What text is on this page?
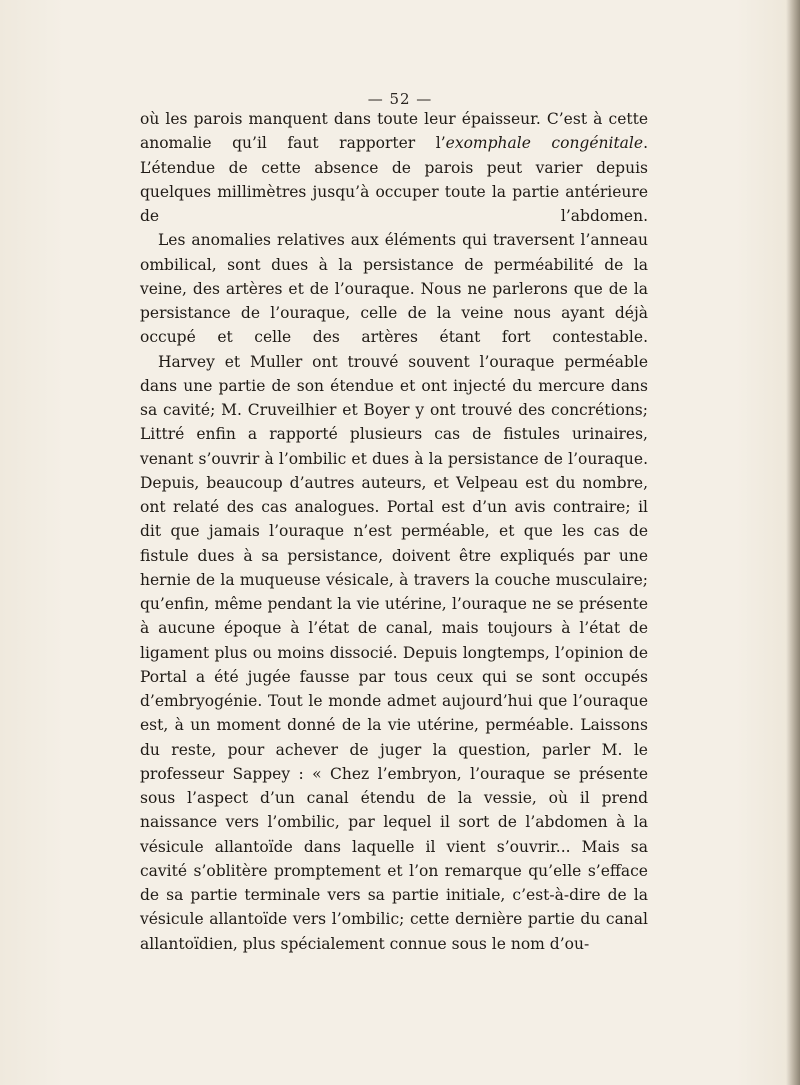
— 52 —

où les parois manquent dans toute leur épaisseur. C’est à cette anomalie qu’il faut rapporter l’exomphale congénitale. L’étendue de cette absence de parois peut varier depuis quelques millimètres jusqu’à occuper toute la partie antérieure de l’abdomen.

Les anomalies relatives aux éléments qui traversent l’anneau ombilical, sont dues à la persistance de perméabilité de la veine, des artères et de l’ouraque. Nous ne parlerons que de la persistance de l’ouraque, celle de la veine nous ayant déjà occupé et celle des artères étant fort contestable.

Harvey et Muller ont trouvé souvent l’ouraque perméable dans une partie de son étendue et ont injecté du mercure dans sa cavité; M. Cruveilhier et Boyer y ont trouvé des concrétions; Littré enfin a rapporté plusieurs cas de fistules urinaires, venant s’ouvrir à l’ombilic et dues à la persistance de l’ouraque. Depuis, beaucoup d’autres auteurs, et Velpeau est du nombre, ont relaté des cas analogues. Portal est d’un avis contraire; il dit que jamais l’ouraque n’est perméable, et que les cas de fistule dues à sa persistance, doivent être expliqués par une hernie de la muqueuse vésicale, à travers la couche musculaire; qu’enfin, même pendant la vie utérine, l’ouraque ne se présente à aucune époque à l’état de canal, mais toujours à l’état de ligament plus ou moins dissocié. Depuis longtemps, l’opinion de Portal a été jugée fausse par tous ceux qui se sont occupés d’embryogénie. Tout le monde admet aujourd’hui que l’ouraque est, à un moment donné de la vie utérine, perméable. Laissons du reste, pour achever de juger la question, parler M. le professeur Sappey : « Chez l’embryon, l’ouraque se présente sous l’aspect d’un canal étendu de la vessie, où il prend naissance vers l’ombilic, par lequel il sort de l’abdomen à la vésicule allantoïde dans laquelle il vient s’ouvrir... Mais sa cavité s’oblitère promptement et l’on remarque qu’elle s’efface de sa partie terminale vers sa partie initiale, c’est-à-dire de la vésicule allantoïde vers l’ombilic; cette dernière partie du canal allantoïdien, plus spécialement connue sous le nom d’ou-
